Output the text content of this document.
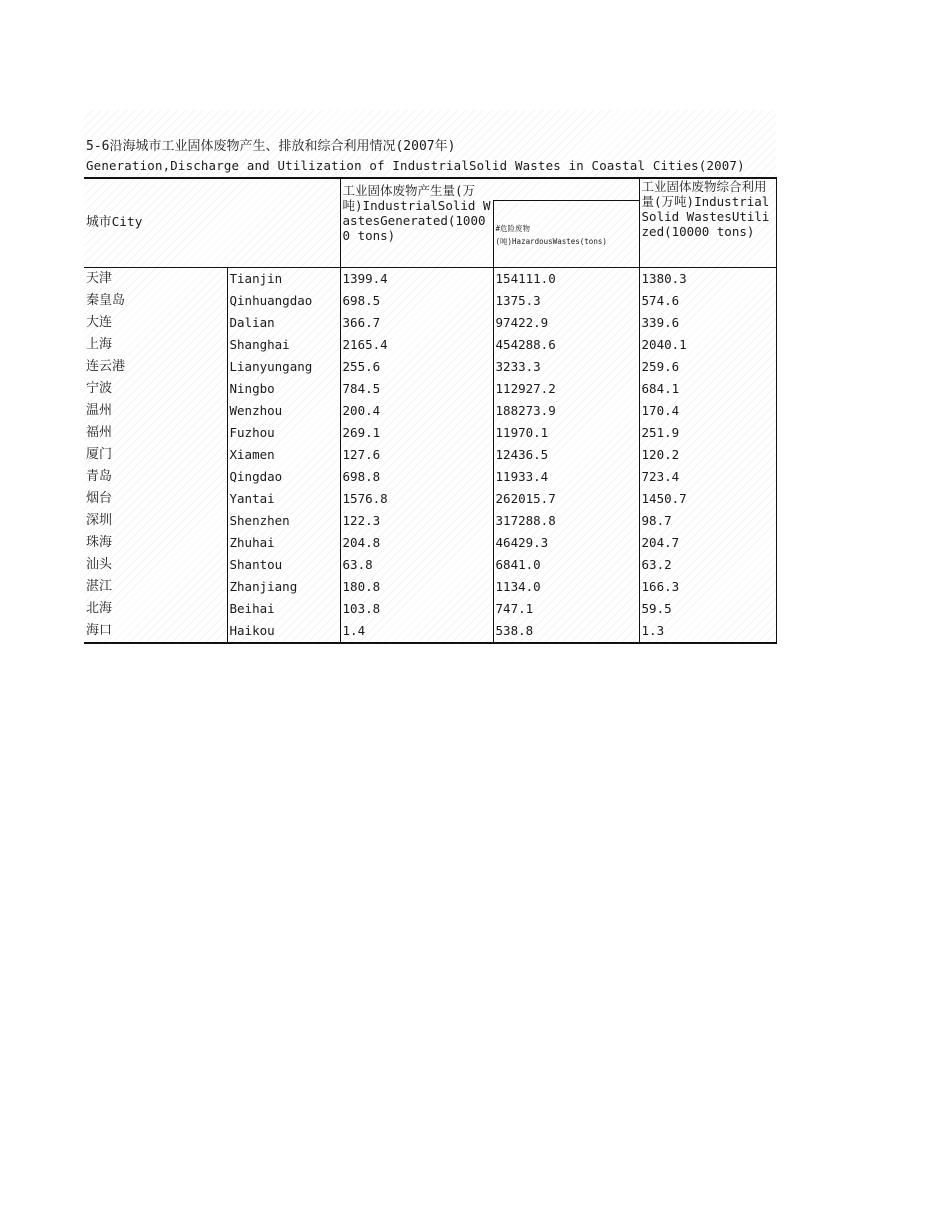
5-6沿海城市工业固体废物产生、排放和综合利用情况(2007年)
Generation,Discharge and Utilization of IndustrialSolid Wastes in Coastal Cities(2007)
城市City		工业固体废物产生量(万吨)IndustrialSolid WastesGenerated(10000 tons)		工业固体废物综合利用量(万吨)IndustrialSolid WastesUtilized(10000 tons)

			#危险废物
(吨)HazardousWastes(tons)	

天津	Tianjin	1399.4	154111.0	1380.3
秦皇岛	Qinhuangdao	698.5	1375.3	574.6
大连	Dalian	366.7	97422.9	339.6
上海	Shanghai	2165.4	454288.6	2040.1
连云港	Lianyungang	255.6	3233.3	259.6
宁波	Ningbo	784.5	112927.2	684.1
温州	Wenzhou	200.4	188273.9	170.4
福州	Fuzhou	269.1	11970.1	251.9
厦门	Xiamen	127.6	12436.5	120.2
青岛	Qingdao	698.8	11933.4	723.4
烟台	Yantai	1576.8	262015.7	1450.7
深圳	Shenzhen	122.3	317288.8	98.7
珠海	Zhuhai	204.8	46429.3	204.7
汕头	Shantou	63.8	6841.0	63.2
湛江	Zhanjiang	180.8	1134.0	166.3
北海	Beihai	103.8	747.1	59.5
海口	Haikou	1.4	538.8	1.3
